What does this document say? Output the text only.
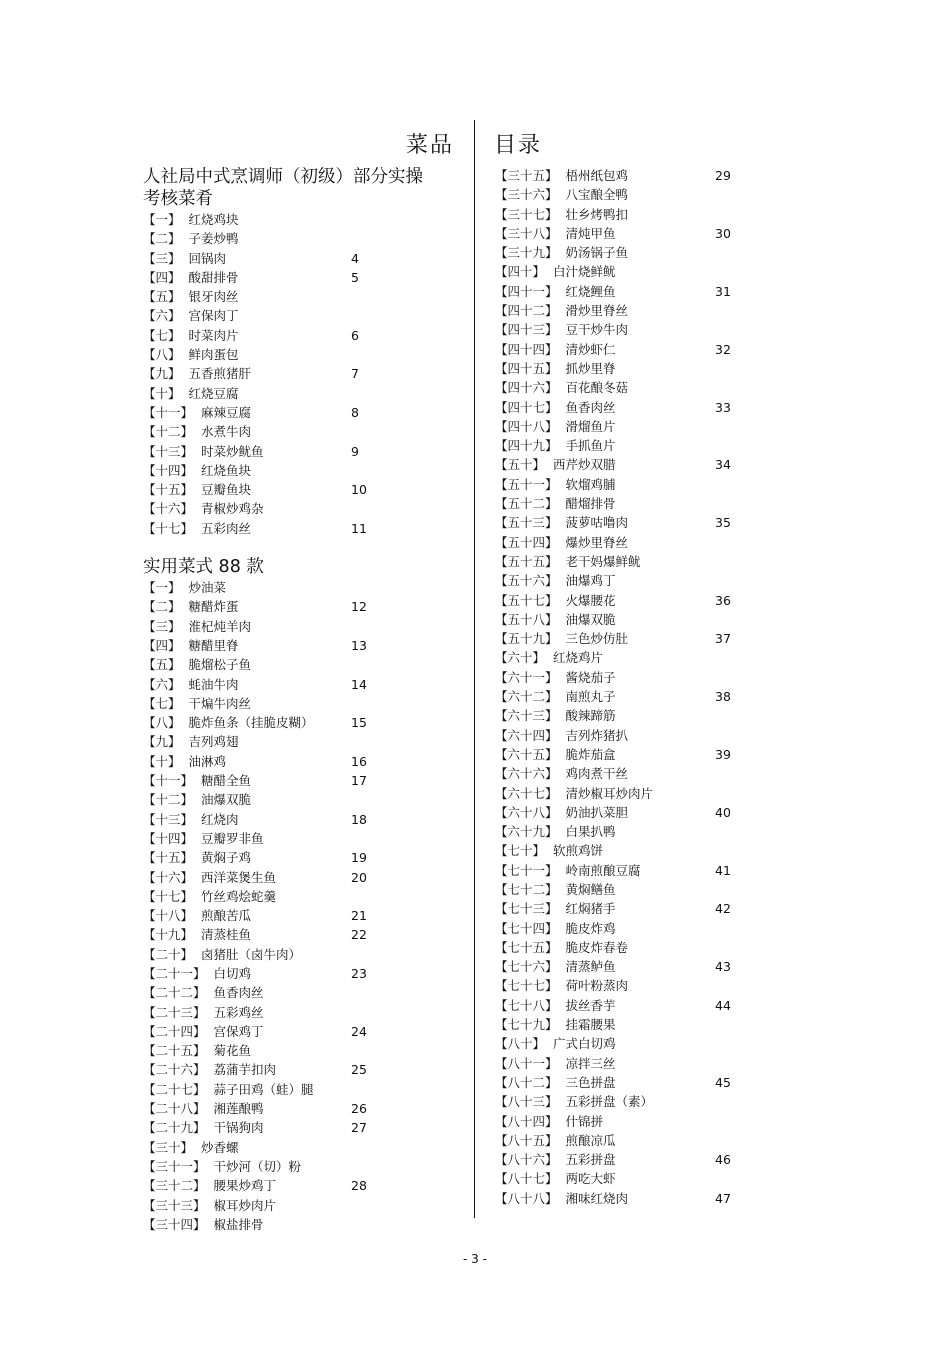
菜品 目录
人社局中式烹调师（初级）部分实操
考核菜肴
【一】 红烧鸡块
【二】 子姜炒鸭
【三】 回锅肉	4
【四】 酸甜排骨	5
【五】 银牙肉丝
【六】 宫保肉丁
【七】 时菜肉片	6
【八】 鲜肉蛋包
【九】 五香煎猪肝	7
【十】 红烧豆腐
【十一】 麻辣豆腐	8
【十二】 水煮牛肉
【十三】 时菜炒鱿鱼	9
【十四】 红烧鱼块
【十五】 豆瓣鱼块	10
【十六】 青椒炒鸡杂
【十七】 五彩肉丝	11
实用菜式 88 款
【一】 炒油菜
【二】 糖醋炸蛋	12
【三】 淮杞炖羊肉
【四】 糖醋里脊	13
【五】 脆熘松子鱼
【六】 蚝油牛肉	14
【七】 干煸牛肉丝
【八】 脆炸鱼条（挂脆皮糊）	15
【九】 吉列鸡翅
【十】 油淋鸡	16
【十一】 糖醋全鱼	17
【十二】 油爆双脆
【十三】 红烧肉	18
【十四】 豆瓣罗非鱼
【十五】 黄焖子鸡	19
【十六】 西洋菜煲生鱼	20
【十七】 竹丝鸡烩蛇羹
【十八】 煎酿苦瓜	21
【十九】 清蒸桂鱼	22
【二十】 卤猪肚（卤牛肉）
【二十一】 白切鸡	23
【二十二】 鱼香肉丝
【二十三】 五彩鸡丝
【二十四】 宫保鸡丁	24
【二十五】 菊花鱼
【二十六】 荔蒲芋扣肉	25
【二十七】 蒜子田鸡（蛙）腿
【二十八】 湘莲酿鸭	26
【二十九】 干锅狗肉	27
【三十】 炒香螺
【三十一】 干炒河（切）粉
【三十二】 腰果炒鸡丁	28
【三十三】 椒耳炒肉片
【三十四】 椒盐排骨
【三十五】 梧州纸包鸡	29
【三十六】 八宝酿全鸭
【三十七】 壮乡烤鸭扣
【三十八】 清炖甲鱼	30
【三十九】 奶汤锅子鱼
【四十】 白汁烧鲜鱿
【四十一】 红烧鲤鱼	31
【四十二】 滑炒里脊丝
【四十三】 豆干炒牛肉
【四十四】 清炒虾仁	32
【四十五】 抓炒里脊
【四十六】 百花酿冬菇
【四十七】 鱼香肉丝	33
【四十八】 滑熘鱼片
【四十九】 手抓鱼片
【五十】 西芹炒双腊	34
【五十一】 软熘鸡脯
【五十二】 醋熘排骨
【五十三】 菠萝咕噜肉	35
【五十四】 爆炒里脊丝
【五十五】 老干妈爆鲜鱿
【五十六】 油爆鸡丁
【五十七】 火爆腰花	36
【五十八】 油爆双脆
【五十九】 三色炒仿肚	37
【六十】 红烧鸡片
【六十一】 酱烧茄子
【六十二】 南煎丸子	38
【六十三】 酸辣蹄筋
【六十四】 吉列炸猪扒
【六十五】 脆炸茄盒	39
【六十六】 鸡肉煮干丝
【六十七】 清炒椒耳炒肉片
【六十八】 奶油扒菜胆	40
【六十九】 白果扒鸭
【七十】 软煎鸡饼
【七十一】 岭南煎酿豆腐	41
【七十二】 黄焖鳝鱼
【七十三】 红焖猪手	42
【七十四】 脆皮炸鸡
【七十五】 脆皮炸春卷
【七十六】 清蒸鲈鱼	43
【七十七】 荷叶粉蒸肉
【七十八】 拔丝香芋	44
【七十九】 挂霜腰果
【八十】 广式白切鸡
【八十一】 凉拌三丝
【八十二】 三色拼盘	45
【八十三】 五彩拼盘（素）
【八十四】 什锦拼
【八十五】 煎酿凉瓜
【八十六】 五彩拼盘	46
【八十七】 两吃大虾
【八十八】 湘味红烧肉	47
- 3 -
